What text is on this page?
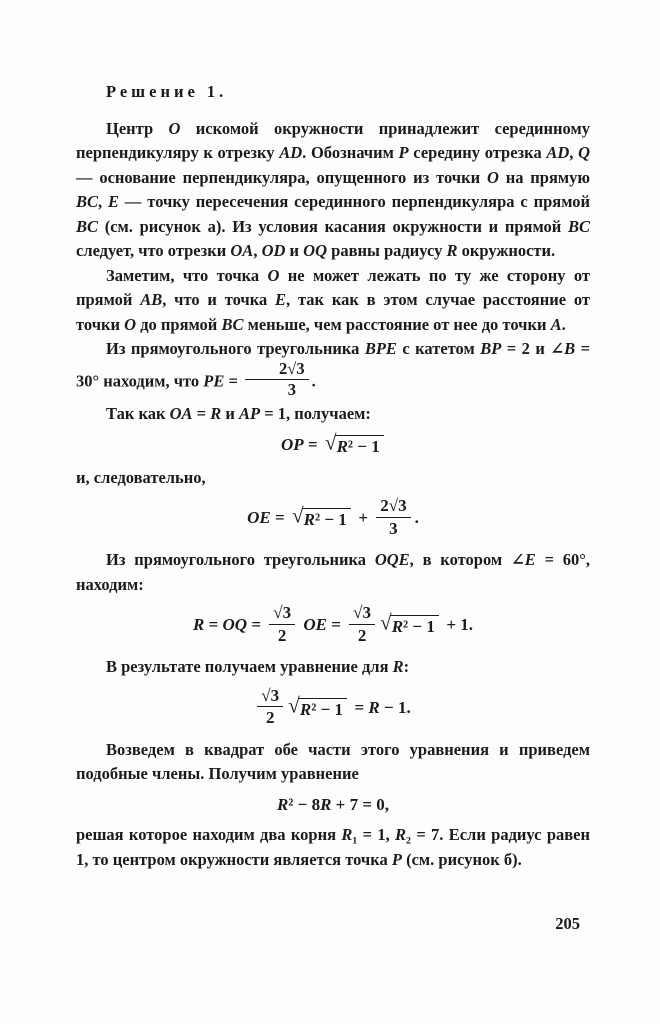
Решение 1.

Центр O искомой окружности принадлежит серединному перпендикуляру к отрезку AD. Обозначим P середину отрезка AD, Q — основание перпендикуляра, опущенного из точки O на прямую BC, E — точку пересечения серединного перпендикуляра с прямой BC (см. рисунок а). Из условия касания окружности и прямой BC следует, что отрезки OA, OD и OQ равны радиусу R окружности.

Заметим, что точка O не может лежать по ту же сторону от прямой AB, что и точка E, так как в этом случае расстояние от точки O до прямой BC меньше, чем расстояние от нее до точки A.

Из прямоугольного треугольника BPE с катетом BP = 2 и ∠B = 30° находим, что PE = $\frac{2√3}{3}$ .

Так как OA = R и AP = 1, получаем:

OP = √ R² − 1

и, следовательно,

OE = √ $R^2 - 1 + \frac{2√3}{3}$ .

Из прямоугольного треугольника OQE, в котором ∠E = 60°, находим:

R = OQ = $\frac{√3}{2}$ OE = $\frac{√3}{2}$ √ R² − 1 + 1.

В результате получаем уравнение для R:

$\frac{√3}{2}$ √ R² − 1 = R − 1.

Возведем в квадрат обе части этого уравнения и приведем подобные члены. Получим уравнение

R² − 8R + 7 = 0,

решая которое находим два корня R₁ = 1, R₂ = 7. Если радиус равен 1, то центром окружности является точка P (см. рисунок б).

205
